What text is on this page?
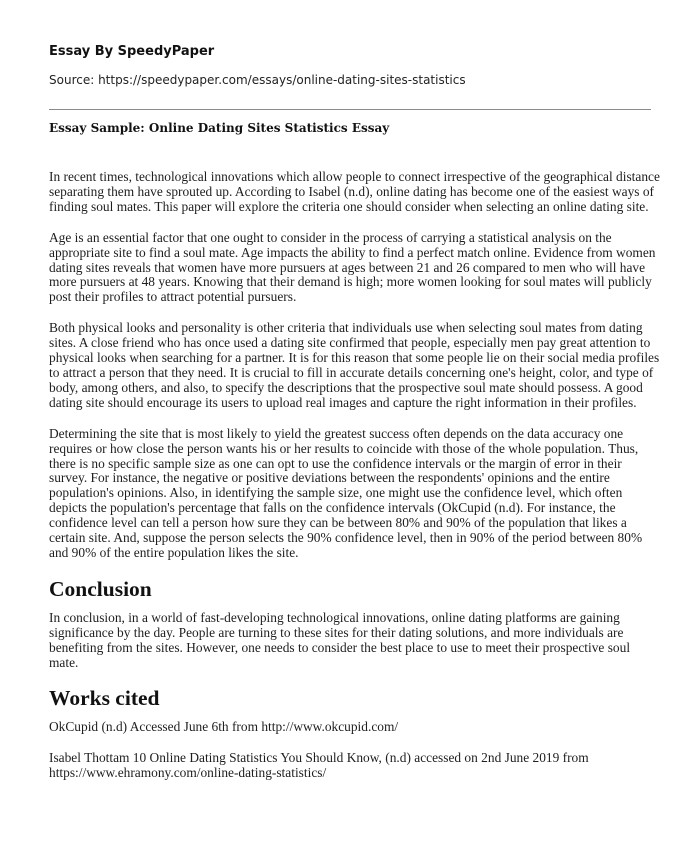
Essay By SpeedyPaper
Source: https://speedypaper.com/essays/online-dating-sites-statistics
Essay Sample: Online Dating Sites Statistics Essay

In recent times, technological innovations which allow people to connect irrespective of the geographical distance separating them have sprouted up. According to Isabel (n.d), online dating has become one of the easiest ways of finding soul mates. This paper will explore the criteria one should consider when selecting an online dating site.

Age is an essential factor that one ought to consider in the process of carrying a statistical analysis on the appropriate site to find a soul mate. Age impacts the ability to find a perfect match online. Evidence from women dating sites reveals that women have more pursuers at ages between 21 and 26 compared to men who will have more pursuers at 48 years. Knowing that their demand is high; more women looking for soul mates will publicly post their profiles to attract potential pursuers.

Both physical looks and personality is other criteria that individuals use when selecting soul mates from dating sites. A close friend who has once used a dating site confirmed that people, especially men pay great attention to physical looks when searching for a partner. It is for this reason that some people lie on their social media profiles to attract a person that they need. It is crucial to fill in accurate details concerning one's height, color, and type of body, among others, and also, to specify the descriptions that the prospective soul mate should possess. A good dating site should encourage its users to upload real images and capture the right information in their profiles.

Determining the site that is most likely to yield the greatest success often depends on the data accuracy one requires or how close the person wants his or her results to coincide with those of the whole population. Thus, there is no specific sample size as one can opt to use the confidence intervals or the margin of error in their survey. For instance, the negative or positive deviations between the respondents' opinions and the entire population's opinions. Also, in identifying the sample size, one might use the confidence level, which often depicts the population's percentage that falls on the confidence intervals (OkCupid (n.d). For instance, the confidence level can tell a person how sure they can be between 80% and 90% of the population that likes a certain site. And, suppose the person selects the 90% confidence level, then in 90% of the period between 80% and 90% of the entire population likes the site.

Conclusion

In conclusion, in a world of fast-developing technological innovations, online dating platforms are gaining significance by the day. People are turning to these sites for their dating solutions, and more individuals are benefiting from the sites. However, one needs to consider the best place to use to meet their prospective soul mate.

Works cited

OkCupid (n.d) Accessed June 6th from http://www.okcupid.com/

Isabel Thottam 10 Online Dating Statistics You Should Know, (n.d) accessed on 2nd June 2019 from https://www.ehramony.com/online-dating-statistics/
